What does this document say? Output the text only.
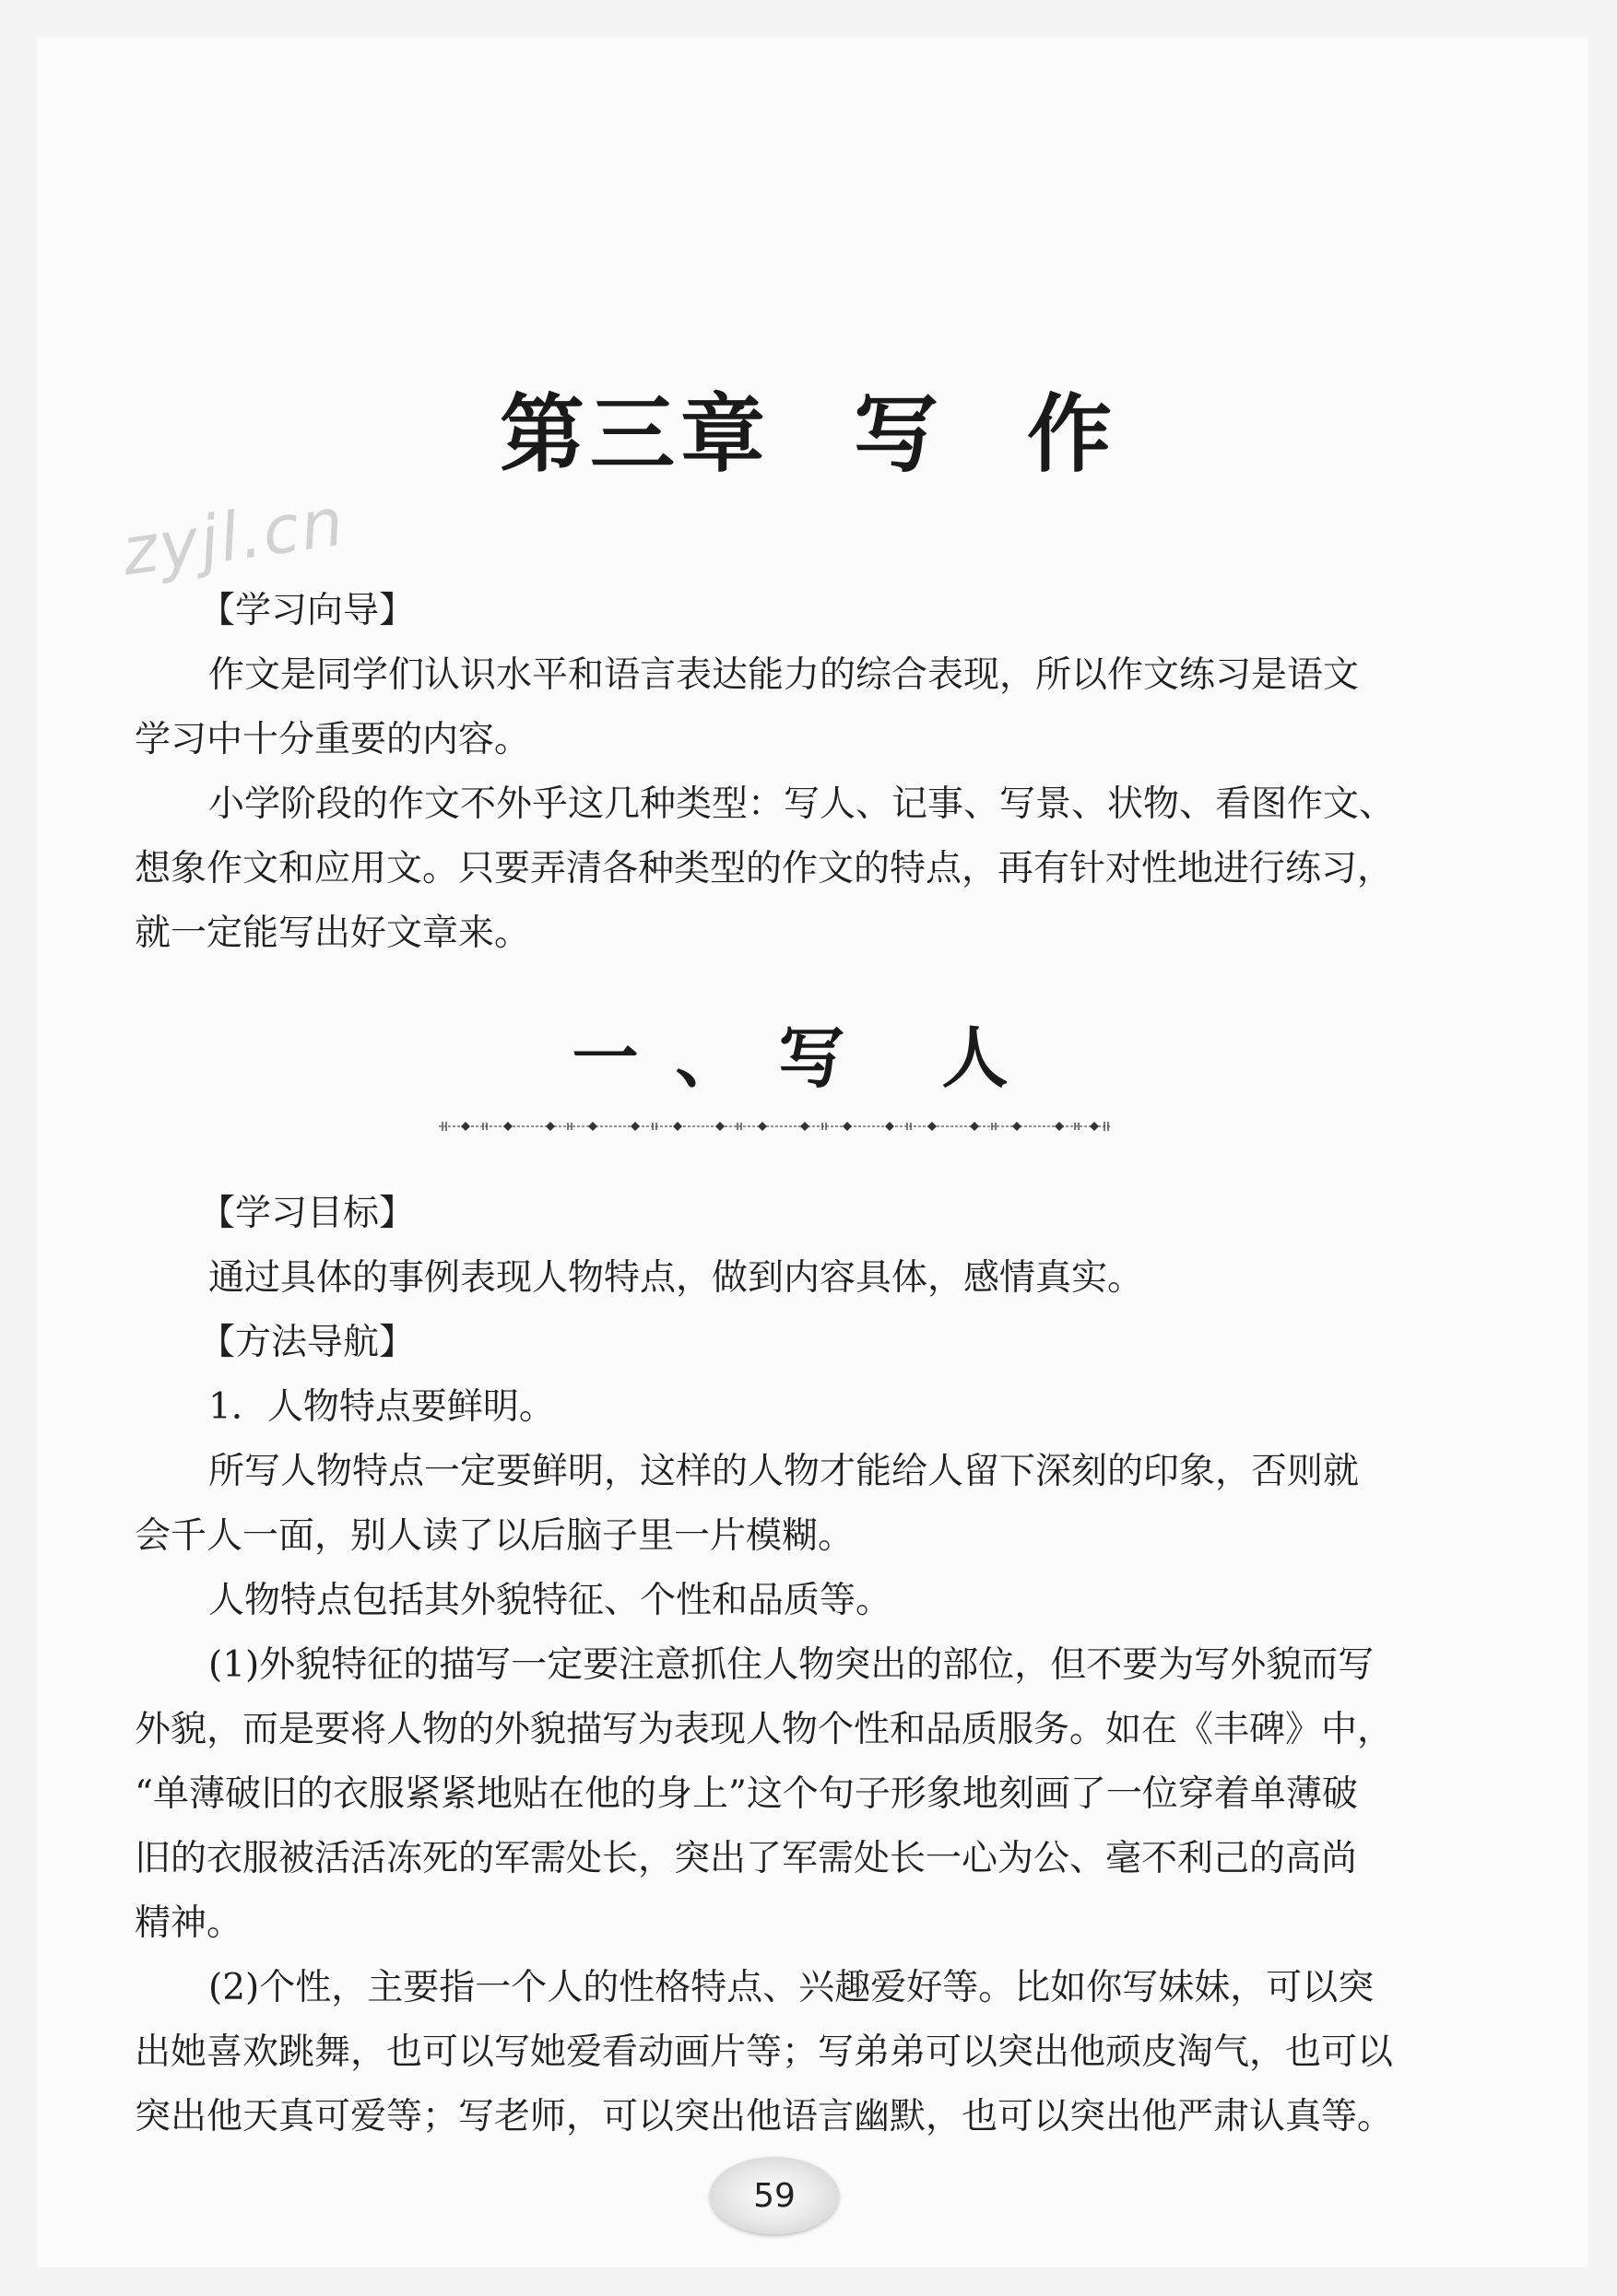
第三章 写 作

zyjl.cn

【学习向导】

作文是同学们认识水平和语言表达能力的综合表现，所以作文练习是语文

学习中十分重要的内容。

小学阶段的作文不外乎这几种类型：写人、记事、写景、状物、看图作文、

想象作文和应用文。只要弄清各种类型的作文的特点，再有针对性地进行练习，

就一定能写出好文章来。

一、写 人

【学习目标】

通过具体的事例表现人物特点，做到内容具体，感情真实。

【方法导航】

1．人物特点要鲜明。

所写人物特点一定要鲜明，这样的人物才能给人留下深刻的印象，否则就

会千人一面，别人读了以后脑子里一片模糊。

人物特点包括其外貌特征、个性和品质等。

(1)外貌特征的描写一定要注意抓住人物突出的部位，但不要为写外貌而写

外貌，而是要将人物的外貌描写为表现人物个性和品质服务。如在《丰碑》中，

“单薄破旧的衣服紧紧地贴在他的身上”这个句子形象地刻画了一位穿着单薄破

旧的衣服被活活冻死的军需处长，突出了军需处长一心为公、毫不利己的高尚

精神。

(2)个性，主要指一个人的性格特点、兴趣爱好等。比如你写妹妹，可以突

出她喜欢跳舞，也可以写她爱看动画片等；写弟弟可以突出他顽皮淘气，也可以

突出他天真可爱等；写老师，可以突出他语言幽默，也可以突出他严肃认真等。

59
